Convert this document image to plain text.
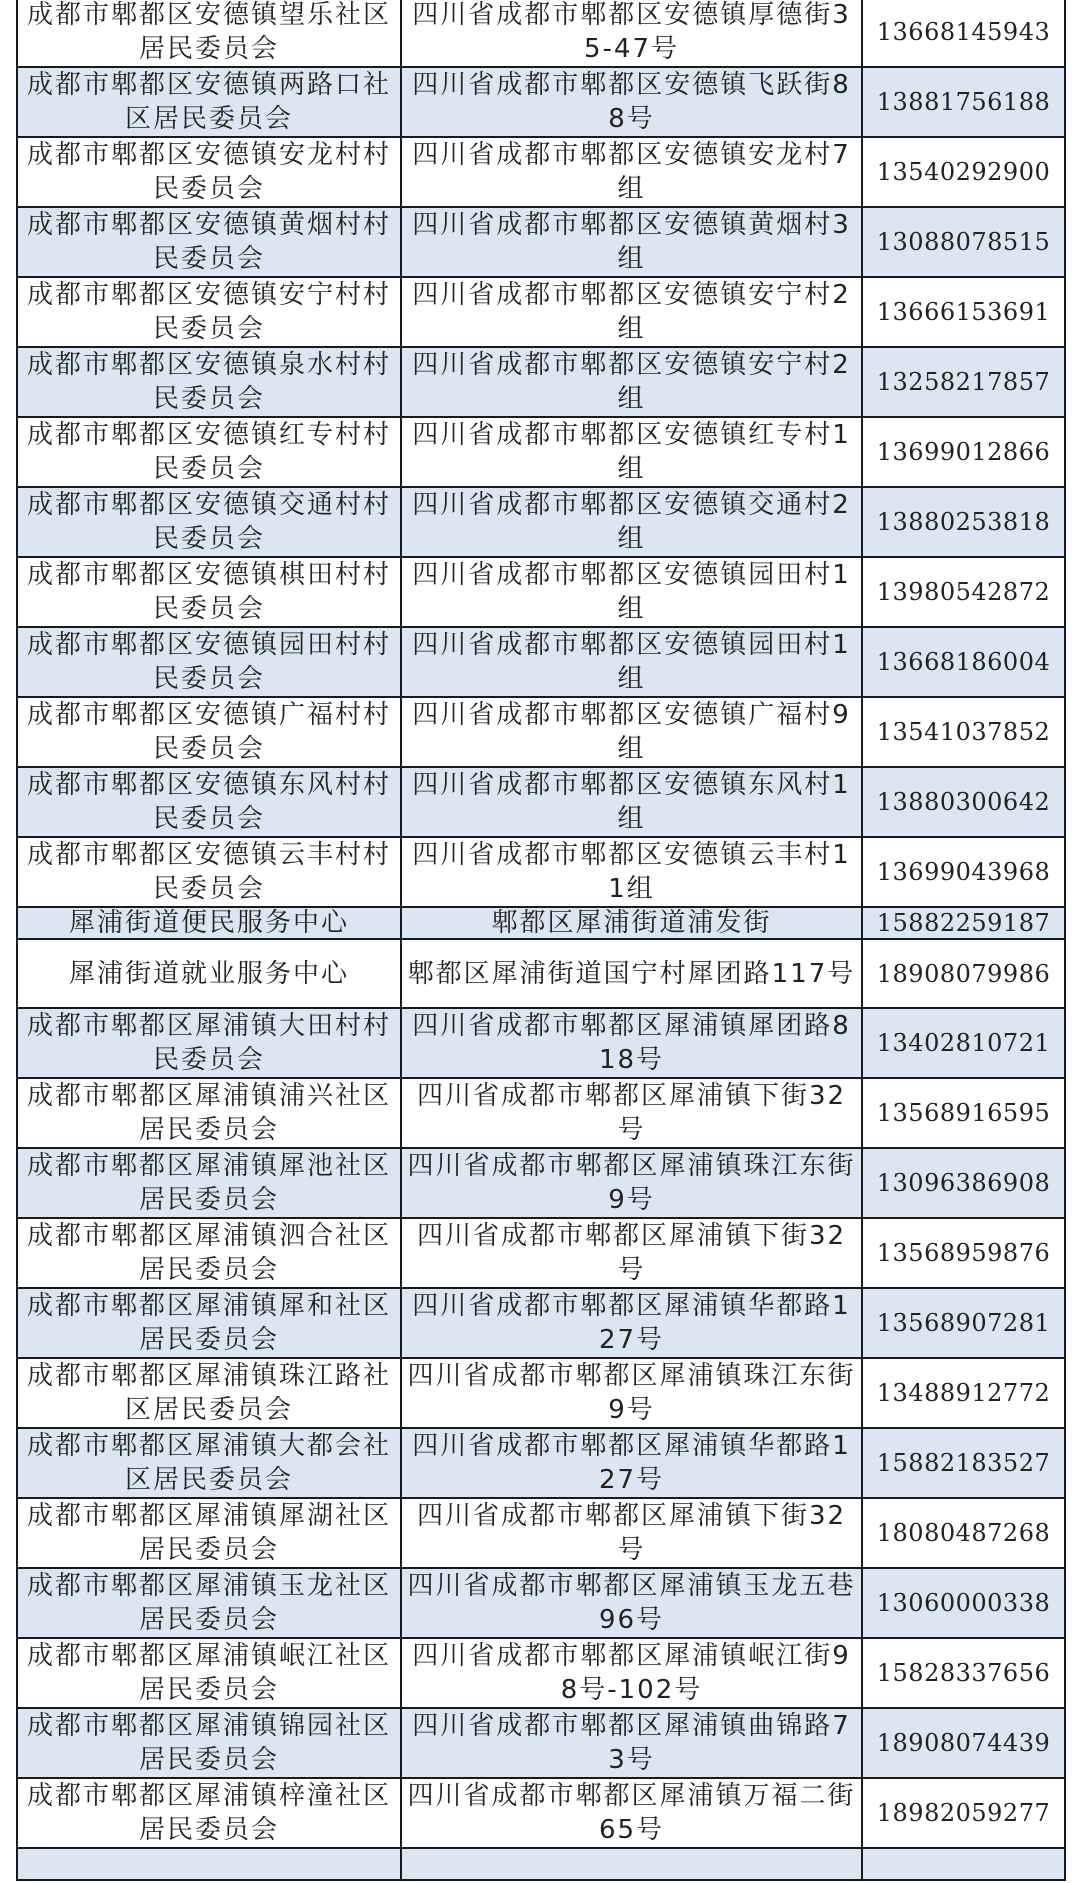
成都市郫都区安德镇望乐社区居民委员会	四川省成都市郫都区安德镇厚德街35-47号	13668145943
成都市郫都区安德镇两路口社区居民委员会	四川省成都市郫都区安德镇飞跃街88号	13881756188
成都市郫都区安德镇安龙村村民委员会	四川省成都市郫都区安德镇安龙村7组	13540292900
成都市郫都区安德镇黄烟村村民委员会	四川省成都市郫都区安德镇黄烟村3组	13088078515
成都市郫都区安德镇安宁村村民委员会	四川省成都市郫都区安德镇安宁村2组	13666153691
成都市郫都区安德镇泉水村村民委员会	四川省成都市郫都区安德镇安宁村2组	13258217857
成都市郫都区安德镇红专村村民委员会	四川省成都市郫都区安德镇红专村1组	13699012866
成都市郫都区安德镇交通村村民委员会	四川省成都市郫都区安德镇交通村2组	13880253818
成都市郫都区安德镇棋田村村民委员会	四川省成都市郫都区安德镇园田村1组	13980542872
成都市郫都区安德镇园田村村民委员会	四川省成都市郫都区安德镇园田村1组	13668186004
成都市郫都区安德镇广福村村民委员会	四川省成都市郫都区安德镇广福村9组	13541037852
成都市郫都区安德镇东风村村民委员会	四川省成都市郫都区安德镇东风村1组	13880300642
成都市郫都区安德镇云丰村村民委员会	四川省成都市郫都区安德镇云丰村11组	13699043968
犀浦街道便民服务中心	郫都区犀浦街道浦发街	15882259187
犀浦街道就业服务中心	郫都区犀浦街道国宁村犀团路117号	18908079986
成都市郫都区犀浦镇大田村村民委员会	四川省成都市郫都区犀浦镇犀团路818号	13402810721
成都市郫都区犀浦镇浦兴社区居民委员会	四川省成都市郫都区犀浦镇下街32号	13568916595
成都市郫都区犀浦镇犀池社区居民委员会	四川省成都市郫都区犀浦镇珠江东街9号	13096386908
成都市郫都区犀浦镇泗合社区居民委员会	四川省成都市郫都区犀浦镇下街32号	13568959876
成都市郫都区犀浦镇犀和社区居民委员会	四川省成都市郫都区犀浦镇华都路127号	13568907281
成都市郫都区犀浦镇珠江路社区居民委员会	四川省成都市郫都区犀浦镇珠江东街9号	13488912772
成都市郫都区犀浦镇大都会社区居民委员会	四川省成都市郫都区犀浦镇华都路127号	15882183527
成都市郫都区犀浦镇犀湖社区居民委员会	四川省成都市郫都区犀浦镇下街32号	18080487268
成都市郫都区犀浦镇玉龙社区居民委员会	四川省成都市郫都区犀浦镇玉龙五巷96号	13060000338
成都市郫都区犀浦镇岷江社区居民委员会	四川省成都市郫都区犀浦镇岷江街98号-102号	15828337656
成都市郫都区犀浦镇锦园社区居民委员会	四川省成都市郫都区犀浦镇曲锦路73号	18908074439
成都市郫都区犀浦镇梓潼社区居民委员会	四川省成都市郫都区犀浦镇万福二街65号	18982059277
